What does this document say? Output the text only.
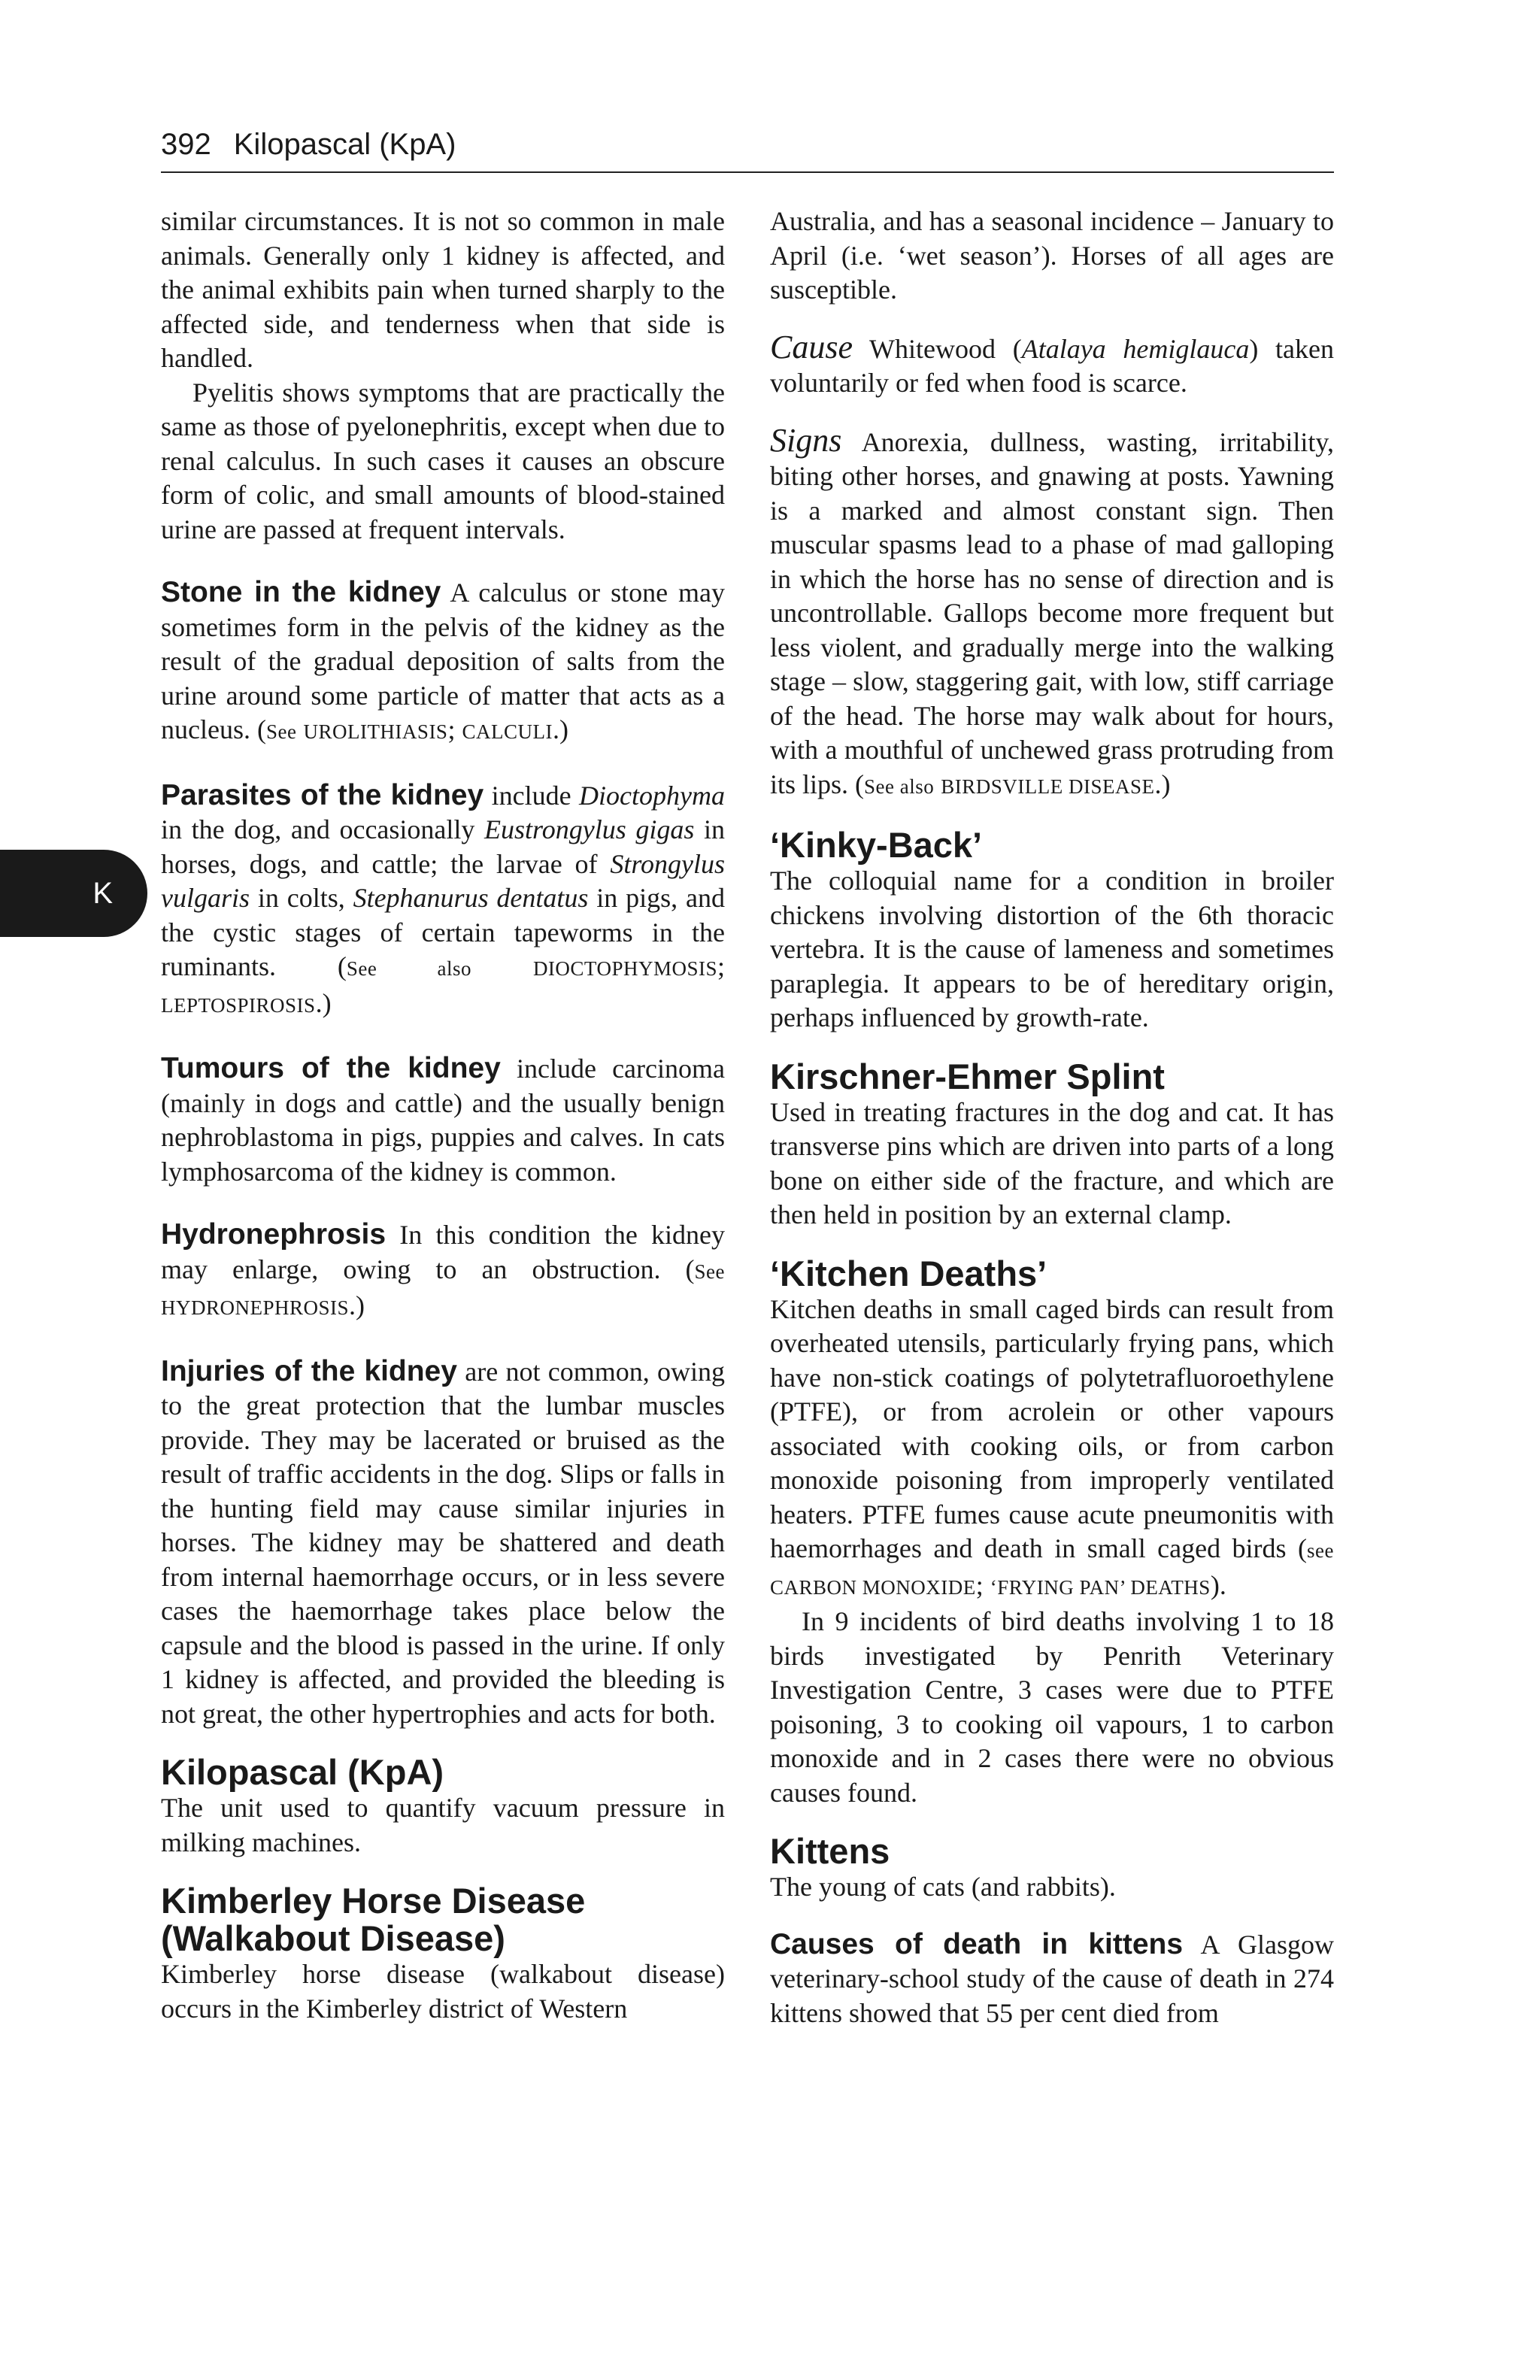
392 Kilopascal (KpA)
K

similar circumstances. It is not so common in male animals. Generally only 1 kidney is affected, and the animal exhibits pain when turned sharply to the affected side, and tenderness when that side is handled.

Pyelitis shows symptoms that are practically the same as those of pyelonephritis, except when due to renal calculus. In such cases it causes an obscure form of colic, and small amounts of blood-stained urine are passed at frequent intervals.

Stone in the kidney A calculus or stone may sometimes form in the pelvis of the kidney as the result of the gradual deposition of salts from the urine around some particle of matter that acts as a nucleus. (See UROLITHIASIS; CALCULI.)

Parasites of the kidney include Dioctophyma in the dog, and occasionally Eustrongylus gigas in horses, dogs, and cattle; the larvae of Strongylus vulgaris in colts, Stephanurus dentatus in pigs, and the cystic stages of certain tapeworms in the ruminants. (See also	DIOCTOPHYMOSIS; LEPTOSPIROSIS.)

Tumours of the kidney include carcinoma (mainly in dogs and cattle) and the usually benign nephroblastoma in pigs, puppies and calves. In cats lymphosarcoma of the kidney is common.

Hydronephrosis In this condition the kidney may enlarge, owing to an obstruction. (See HYDRONEPHROSIS.)

Injuries of the kidney are not common, owing to the great protection that the lumbar muscles provide. They may be lacerated or bruised as the result of traffic accidents in the dog. Slips or falls in the hunting field may cause similar injuries in horses. The kidney may be shattered and death from internal haemorrhage occurs, or in less severe cases the haemorrhage takes place below the capsule and the blood is passed in the urine. If only 1 kidney is affected, and provided the bleeding is not great, the other hypertrophies and acts for both.

Kilopascal (KpA)

The unit used to quantify vacuum pressure in milking machines.

Kimberley Horse Disease (Walkabout Disease)

Kimberley horse disease (walkabout disease) occurs in the Kimberley district of Western

Australia, and has a seasonal incidence – January to April (i.e. ‘wet season’). Horses of all ages are susceptible.

Cause Whitewood (Atalaya hemiglauca) taken voluntarily or fed when food is scarce.

Signs Anorexia, dullness, wasting, irritability, biting other horses, and gnawing at posts. Yawning is a marked and almost constant sign. Then muscular spasms lead to a phase of mad galloping in which the horse has no sense of direction and is uncontrollable. Gallops become more frequent but less violent, and gradually merge into the walking stage – slow, staggering gait, with low, stiff carriage of the head. The horse may walk about for hours, with a mouthful of unchewed grass protruding from its lips. (See also BIRDSVILLE DISEASE.)

‘Kinky-Back’

The colloquial name for a condition in broiler chickens involving distortion of the 6th thoracic vertebra. It is the cause of lameness and sometimes paraplegia. It appears to be of hereditary origin, perhaps influenced by growth-rate.

Kirschner-Ehmer Splint

Used in treating fractures in the dog and cat. It has transverse pins which are driven into parts of a long bone on either side of the fracture, and which are then held in position by an external clamp.

‘Kitchen Deaths’

Kitchen deaths in small caged birds can result from overheated utensils, particularly frying pans, which have non-stick coatings of polytetrafluoroethylene (PTFE), or from acrolein or other vapours associated with cooking oils, or from carbon monoxide poisoning from improperly ventilated heaters. PTFE fumes cause acute pneumonitis with haemorrhages and death in small caged birds (see CARBON MONOXIDE; ‘FRYING PAN’ DEATHS).

In 9 incidents of bird deaths involving 1 to 18 birds investigated by Penrith Veterinary Investigation Centre, 3 cases were due to PTFE poisoning, 3 to cooking oil vapours, 1 to carbon monoxide and in 2 cases there were no obvious causes found.

Kittens

The young of cats (and rabbits).

Causes of death in kittens A Glasgow veterinary-school study of the cause of death in 274 kittens showed that 55 per cent died from
